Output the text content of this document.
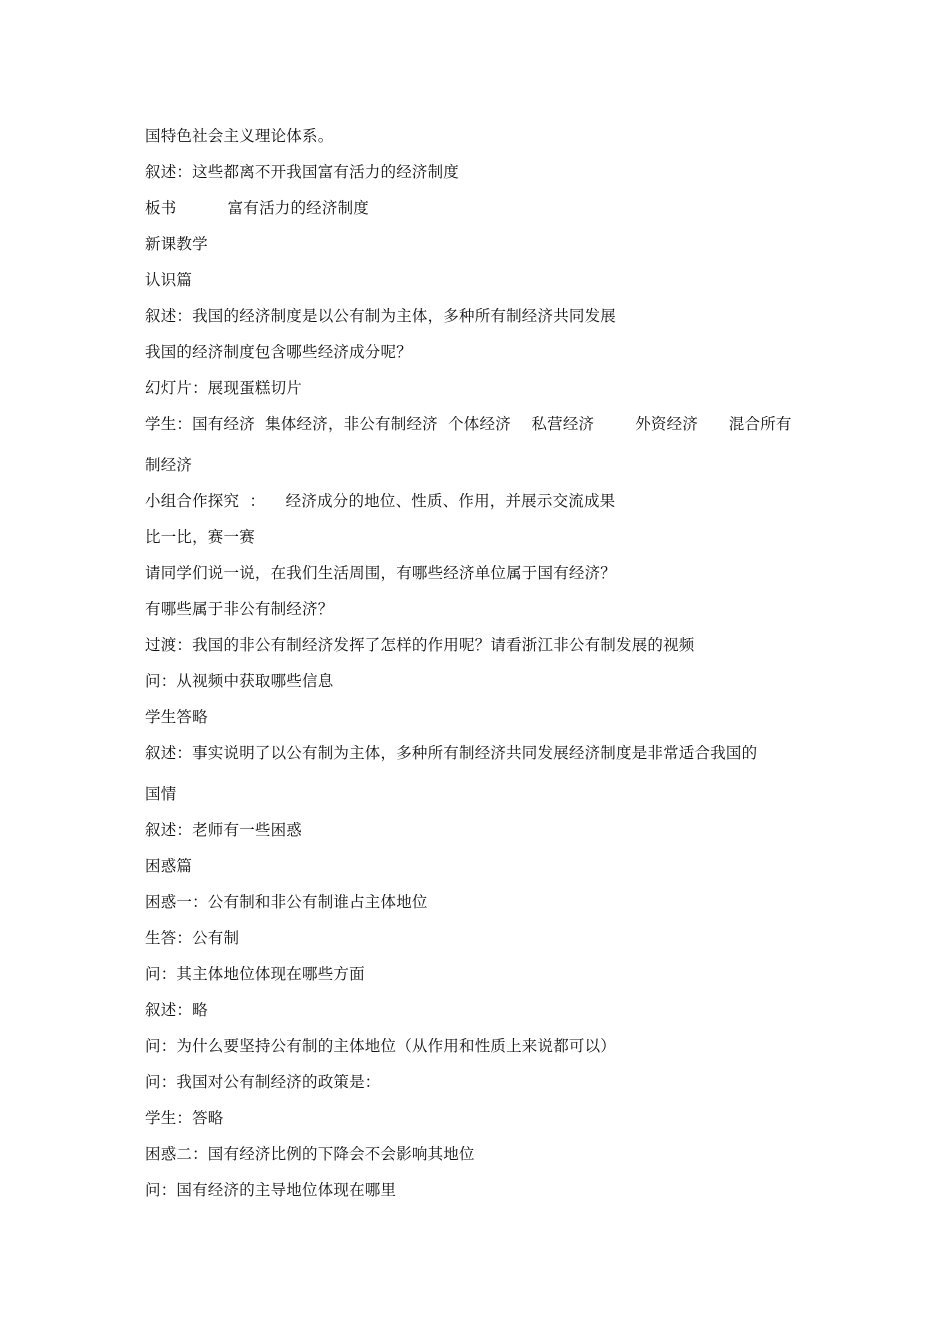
国特色社会主义理论体系。
叙述：这些都离不开我国富有活力的经济制度
板书          富有活力的经济制度
新课教学
认识篇
叙述：我国的经济制度是以公有制为主体，多种所有制经济共同发展
我国的经济制度包含哪些经济成分呢？
幻灯片：展现蛋糕切片
学生：国有经济  集体经济，非公有制经济  个体经济    私营经济        外资经济      混合所有
制经济
小组合作探究  ：    经济成分的地位、性质、作用，并展示交流成果
比一比，赛一赛
请同学们说一说，在我们生活周围，有哪些经济单位属于国有经济？
有哪些属于非公有制经济？
过渡：我国的非公有制经济发挥了怎样的作用呢？请看浙江非公有制发展的视频
问：从视频中获取哪些信息
学生答略
叙述：事实说明了以公有制为主体，多种所有制经济共同发展经济制度是非常适合我国的
国情
叙述：老师有一些困惑
困惑篇
困惑一：公有制和非公有制谁占主体地位
生答：公有制
问：其主体地位体现在哪些方面
叙述：略
问：为什么要坚持公有制的主体地位（从作用和性质上来说都可以）
问：我国对公有制经济的政策是：
学生：答略
困惑二：国有经济比例的下降会不会影响其地位
问：国有经济的主导地位体现在哪里
